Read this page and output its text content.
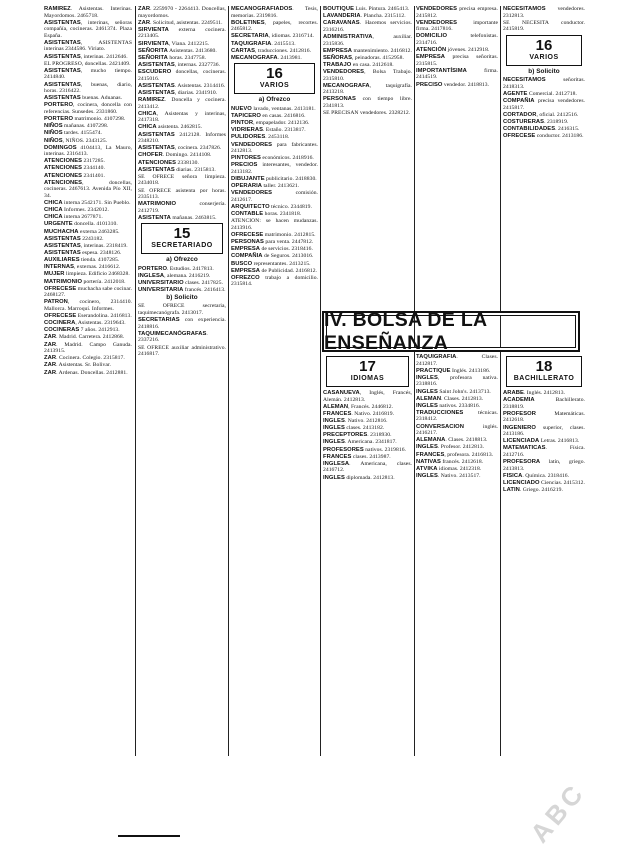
ABC

RAMIREZ. Asistentas. Interinas. Mayordomos. 2465718.

ASISTENTAS, interinas, señoras compañía, cocineras. 2461374. Plaza España.

ASISTENTAS, ASISTENTAS interinas 2344586. Viriato.

ASISTENTAS, interinas. 2412646.

EL PROGRESO, doncellas. 2421409.

ASISTENTAS, mucho tiempo. 2414840.

ASISTENTAS, buenas, diario, horas. 2316422.

ASISTENTAS buenas. Aduanas.

PORTERO, cocinera, doncella con referencias. Sunsedes. 2331860.

PORTERO matrimonio. 4107298.

NIÑOS mañanas. 4107298.

NIÑOS tardes. 4155474.

NIÑOS, NIÑOS. 2343125.

DOMINGOS 4104413, La Mauro, interinas. 2316413.

ATENCIONES 2317285.

ATENCIONES 2344140.

ATENCIONES 2341401.

ATENCIONES, doncellas, cocineras. 2467613. Avenida Pío XII, 34.

CHICA interna 2542171. Sin Pueblo.

CHICA Informes. 2342012.

CHICA interna 2677871.

URGENTE doncella. 4101310.

MUCHACHA externa 2463285.

ASISTENTAS 2243182.

ASISTENTAS, interinas. 2318419.

ASISTENTAS espesa. 2348126.

AUXILIARES tienda. 4107285.

INTERNAS, externas. 2416612.

MUJER limpieza. Edificio 2468328.

MATRIMONIO portería. 2412018.

OFRECESE muchacha sabe cocinar. 2468127.

PATRON, cocinero, 2314410. Mallorca. Marroquí. Informes.

OFRECESE Eserandolina. 2416813.

COCINERA, Asistentas. 2319643.

COCINERAS 7 años. 2412913.

ZAR. Madrid. Carretera. 2412868.

ZAR. Madrid. Campo Ganuda. 2413915.

ZAR. Cocinera. Colegio. 2315817.

ZAR. Asistentas. Sr. Bolivar.

ZAR. Ardenas. Doncellas. 2412881.

ZAR. 2259970 - 2264413. Doncellas, mayordomos.

ZAR. Solicitud, asistentas. 2249511.

SIRVIENTA externa cocinera. 2213405.

SIRVIENTA, Viana. 2412215.

SEÑORITA Asistentas. 2413680.

SEÑORITA horas. 2347758.

ASISTENTAS, internas. 2327736.

ESCUDERO doncellas, cocineras. 2415016.

ASISTENTAS. Asistentas. 2314416.

ASISTENTAS, diarias. 2341910.

RAMIREZ. Doncella y cocinera. 2413412.

CHICA, Asistentas y interinas, 2417318.

CHICA asistenta. 2462815.

ASISTENTAS 2412128. Informes 2348210.

ASISTENTAS, cocinera. 2347826.

CHOFER. Domingo. 2414108.

ATENCIONES 2338130.

ASISTENTAS diarias. 2315813.

SE OFRECE señora limpieza. 2434018.

SE OFRECE asistenta por horas. 2335113.

MATRIMONIO conserjería. 2412719.

ASISTENTA mañanas. 2463815.

15
SECRETARIADO
a) Ofrezco

PORTERO. Estudios. 2417813.

INGLESA, alemana. 2416219.

UNIVERSITARIO clases. 2417825.

UNIVERSITARIA francés. 2416413.

b) Solicito

SE OFRECE secretaria, taquimecanógrafa. 2413017.

SECRETARIAS con experiencia. 2418816.

TAQUIMECANÓGRAFAS. 2337216.

SE OFRECE auxiliar administrativo. 2416817.

MECANOGRAFIADOS. Tesis, memorias. 2319816.

BOLETINES, papeles, recortes. 2465812.

SECRETARIA, idiomas. 2316714.

TAQUIGRAFIA. 2415513.

CARTAS, traducciones. 2412816.

MECANOGRAFA. 2413981.

16
VARIOS
a) Ofrezco

NUEVO lavado, ventanas. 2413181.

TAPICERO en casas. 2416816.

PINTOR, empapelador. 2412136.

VIDRIERAS. Estaño. 2313817.

PULIDORES. 2453118.

VENDEDORES para fabricantes. 2412813.

PINTORES económicos. 2418916.

PRECIOS interesantes, vendedor. 2413182.

DIBUJANTE publicitario. 2418830.

OPERARIA taller. 2413621.

VENDEDORES comisión. 2412617.

ARQUITECTO técnico. 2344819.

CONTABLE horas. 2341818.

ATENCION: se hacen mudanzas. 2413916.

OFRECESE matrimonio. 2412815.

PERSONAS para venta. 2447812.

EMPRESA de servicios. 2318416.

COMPAÑIA de Seguros. 2413016.

BUSCO representantes. 2413215.

EMPRESA de Publicidad. 2416812.

OFREZCO trabajo a domicilio. 2315814.

BOUTIQUE Luis. Pintura. 2465413.

LAVANDERIA. Plancha. 2315112.

CARAVANAS. Hacemos servicios. 2316216.

ADMINISTRATIVA, auxiliar. 2315836.

EMPRESA mantenimiento. 2416812.

SEÑORAS, peinadoras. 4152958.

TRABAJO en casa. 2412618.

VENDEDORES, Bolsa Trabajo. 2315810.

MECANOGRAFA, taquigrafía. 2413218.

PERSONAS con tiempo libre. 2341813.

SE PRECISAN vendedores. 2328212.

VENDEDORES precisa empresa. 2415812.

VENDEDORES importante firma. 2417816.

DOMICILIO telefonistas. 2314716.

ATENCIÓN jóvenes. 2412918.

EMPRESA precisa señoritas. 2315815.

IMPORTANTÍSIMA firma. 2414519.

PRECISO vendedor. 2418813.

NECESITAMOS vendedores. 2312813.

SE NECESITA conductor. 2415819.

16
VARIOS
b) Solicito

NECESITAMOS señoritas. 2418313.

AGENTE Comercial. 2412718.

COMPAÑIA precisa vendedores. 2415817.

CORTADOR, oficial. 2412516.

COSTURERAS. 2318919.

CONTABILIDADES. 2416315.

OFRECESE conductor. 2413186.

IV. BOLSA DE LA ENSEÑANZA
17
IDIOMAS

CASANUEVA, Inglés, Francés, Alemán. 2412813.

ALEMAN, Francés. 2446812.

FRANCES. Nativo. 2416819.

INGLES. Nativo. 2412816.

INGLES clases. 2413182.

PRECEPTORES. 2318930.

INGLES. Americana. 2341817.

PROFESORES nativos. 2319816.

FRANCES clases. 2413987.

INGLESA. Americana, clases. 2416712.

INGLES diplomada. 2412813.

TAQUIGRAFIA. Clases. 2412817.

PRACTIQUE Inglés. 2413186.

INGLES, profesora nativa. 2318816.

INGLES Saint John's. 2413713.

ALEMAN. Clases. 2412813.

INGLES nativos. 2334816.

TRADUCCIONES técnicas. 2318412.

CONVERSACION inglés. 2416217.

ALEMANA. Clases. 2418813.

INGLES. Profesor. 2412813.

FRANCES, profesora. 2416813.

NATIVAS francés. 2412618.

ATVIKA idiomas. 2412318.

INGLES. Nativo. 2413517.

18
BACHILLERATO

ARABE. Inglés. 2412813.

ACADEMIA Bachillerato. 2318819.

PROFESOR Matemáticas. 2412618.

INGENIERO superior, clases. 2413186.

LICENCIADA Letras. 2416813.

MATEMATICAS. Física. 2412716.

PROFESORA latín, griego. 2413813.

FISICA. Química. 2318416.

LICENCIADO Ciencias. 2415312.

LATIN. Griego. 2416219.
